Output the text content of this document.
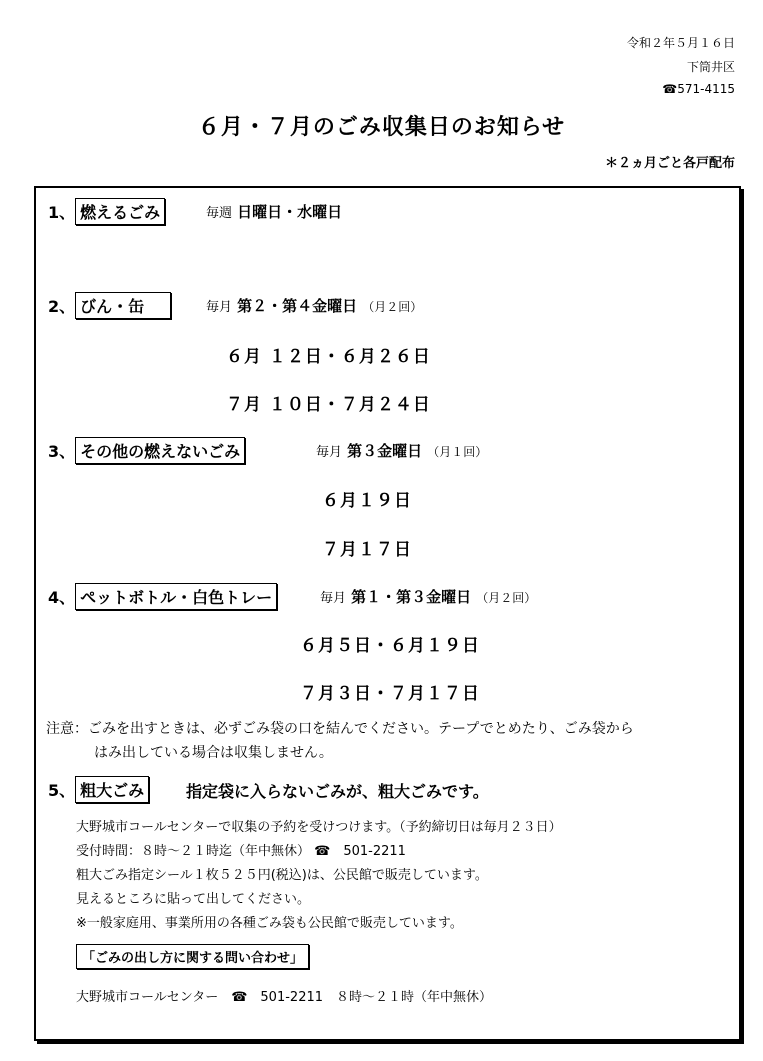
令和２年５月１６日
下筒井区
☎571-4115
６月・７月のごみ収集日のお知らせ
＊２ヵ月ごと各戸配布
1、 燃えるごみ	毎週 日曜日・水曜日
2、 びん・缶	毎月 第２・第４金曜日 （月２回）
６月 １２日・６月２６日
７月 １０日・７月２４日
3、 その他の燃えないごみ	毎月 第３金曜日 （月１回）
６月１９日
７月１７日
4、 ペットボトル・白色トレー	毎月 第１・第３金曜日 （月２回）
６月５日・６月１９日
７月３日・７月１７日
注意：ごみを出すときは、必ずごみ袋の口を結んでください。テープでとめたり、ごみ袋から
はみ出している場合は収集しません。
5、 粗大ごみ	指定袋に入らないごみが、粗大ごみです。
大野城市コールセンターで収集の予約を受けつけます。（予約締切日は毎月２３日）
受付時間：８時～２１時迄（年中無休） ☎　501-2211
粗大ごみ指定シール１枚５２５円(税込)は、公民館で販売しています。
見えるところに貼って出してください。
※一般家庭用、事業所用の各種ごみ袋も公民館で販売しています。
「ごみの出し方に関する問い合わせ」
大野城市コールセンター　☎　501-2211　８時～２１時（年中無休）
